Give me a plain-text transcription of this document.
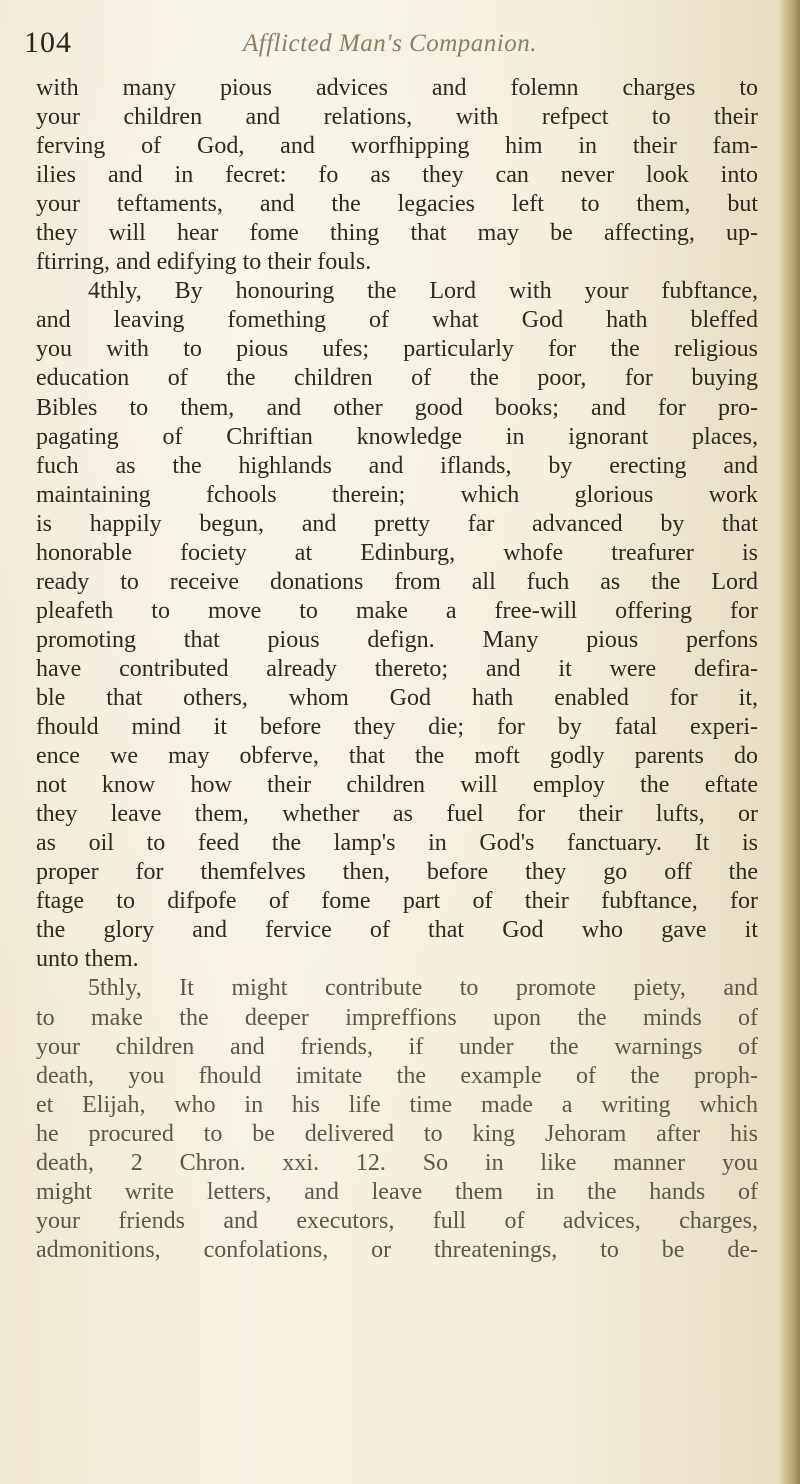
104	Afflicted Man's Companion.
with many pious advices and folemn charges to
your children and relations, with refpect to their
ferving of God, and worfhipping him in their fam-
ilies and in fecret: fo as they can never look into
your teftaments, and the legacies left to them, but
they will hear fome thing that may be affecting, up-
ftirring, and edifying to their fouls.
4thly, By honouring the Lord with your fubftance,
and leaving fomething of what God hath bleffed
you with to pious ufes; particularly for the religious
education of the children of the poor, for buying
Bibles to them, and other good books; and for pro-
pagating of Chriftian knowledge in ignorant places,
fuch as the highlands and iflands, by erecting and
maintaining fchools therein; which glorious work
is happily begun, and pretty far advanced by that
honorable fociety at Edinburg, whofe treafurer is
ready to receive donations from all fuch as the Lord
pleafeth to move to make a free-will offering for
promoting that pious defign. Many pious perfons
have contributed already thereto; and it were defira-
ble that others, whom God hath enabled for it,
fhould mind it before they die; for by fatal experi-
ence we may obferve, that the moft godly parents do
not know how their children will employ the eftate
they leave them, whether as fuel for their lufts, or
as oil to feed the lamp's in God's fanctuary. It is
proper for themfelves then, before they go off the
ftage to difpofe of fome part of their fubftance, for
the glory and fervice of that God who gave it
unto them.
5thly, It might contribute to promote piety, and
to make the deeper impreffions upon the minds of
your children and friends, if under the warnings of
death, you fhould imitate the example of the proph-
et Elijah, who in his life time made a writing which
he procured to be delivered to king Jehoram after his
death, 2 Chron. xxi. 12. So in like manner you
might write letters, and leave them in the hands of
your friends and executors, full of advices, charges,
admonitions, confolations, or threatenings, to be de-
